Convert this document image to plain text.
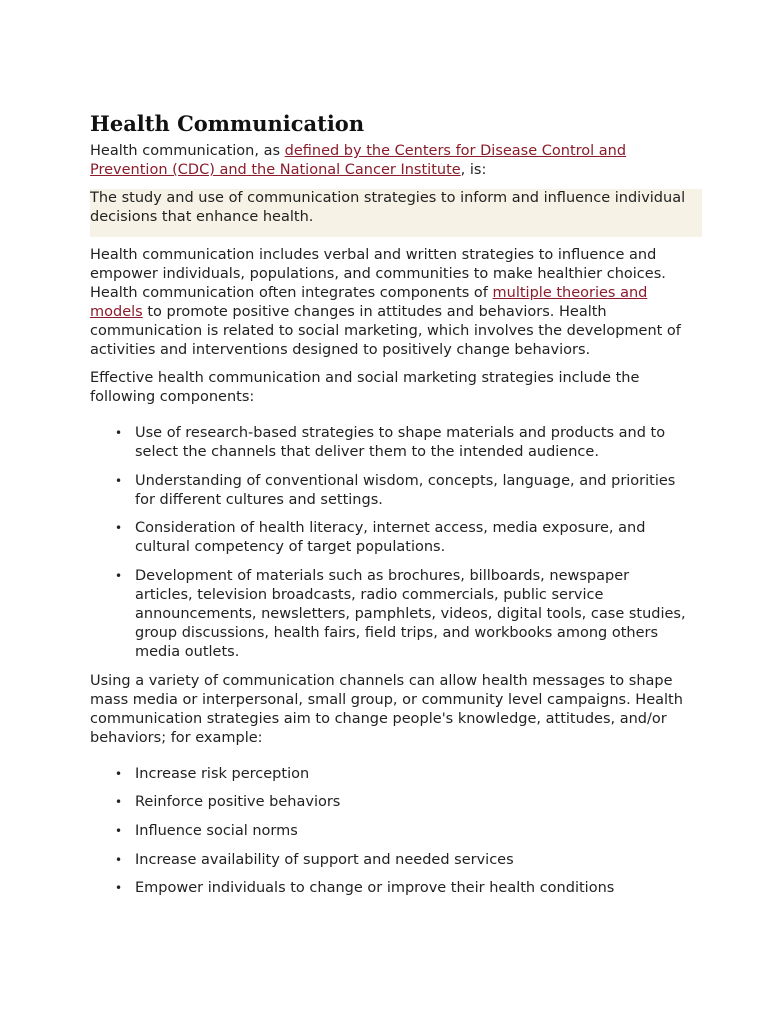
Health Communication

Health communication, as defined by the Centers for Disease Control and Prevention (CDC) and the National Cancer Institute, is:

The study and use of communication strategies to inform and influence individual decisions that enhance health.

Health communication includes verbal and written strategies to influence and empower individuals, populations, and communities to make healthier choices. Health communication often integrates components of multiple theories and models to promote positive changes in attitudes and behaviors. Health communication is related to social marketing, which involves the development of activities and interventions designed to positively change behaviors.

Effective health communication and social marketing strategies include the following components:

• Use of research-based strategies to shape materials and products and to select the channels that deliver them to the intended audience.
• Understanding of conventional wisdom, concepts, language, and priorities for different cultures and settings.
• Consideration of health literacy, internet access, media exposure, and cultural competency of target populations.
• Development of materials such as brochures, billboards, newspaper articles, television broadcasts, radio commercials, public service announcements, newsletters, pamphlets, videos, digital tools, case studies, group discussions, health fairs, field trips, and workbooks among others media outlets.

Using a variety of communication channels can allow health messages to shape mass media or interpersonal, small group, or community level campaigns. Health communication strategies aim to change people's knowledge, attitudes, and/or behaviors; for example:

• Increase risk perception
• Reinforce positive behaviors
• Influence social norms
• Increase availability of support and needed services
• Empower individuals to change or improve their health conditions
